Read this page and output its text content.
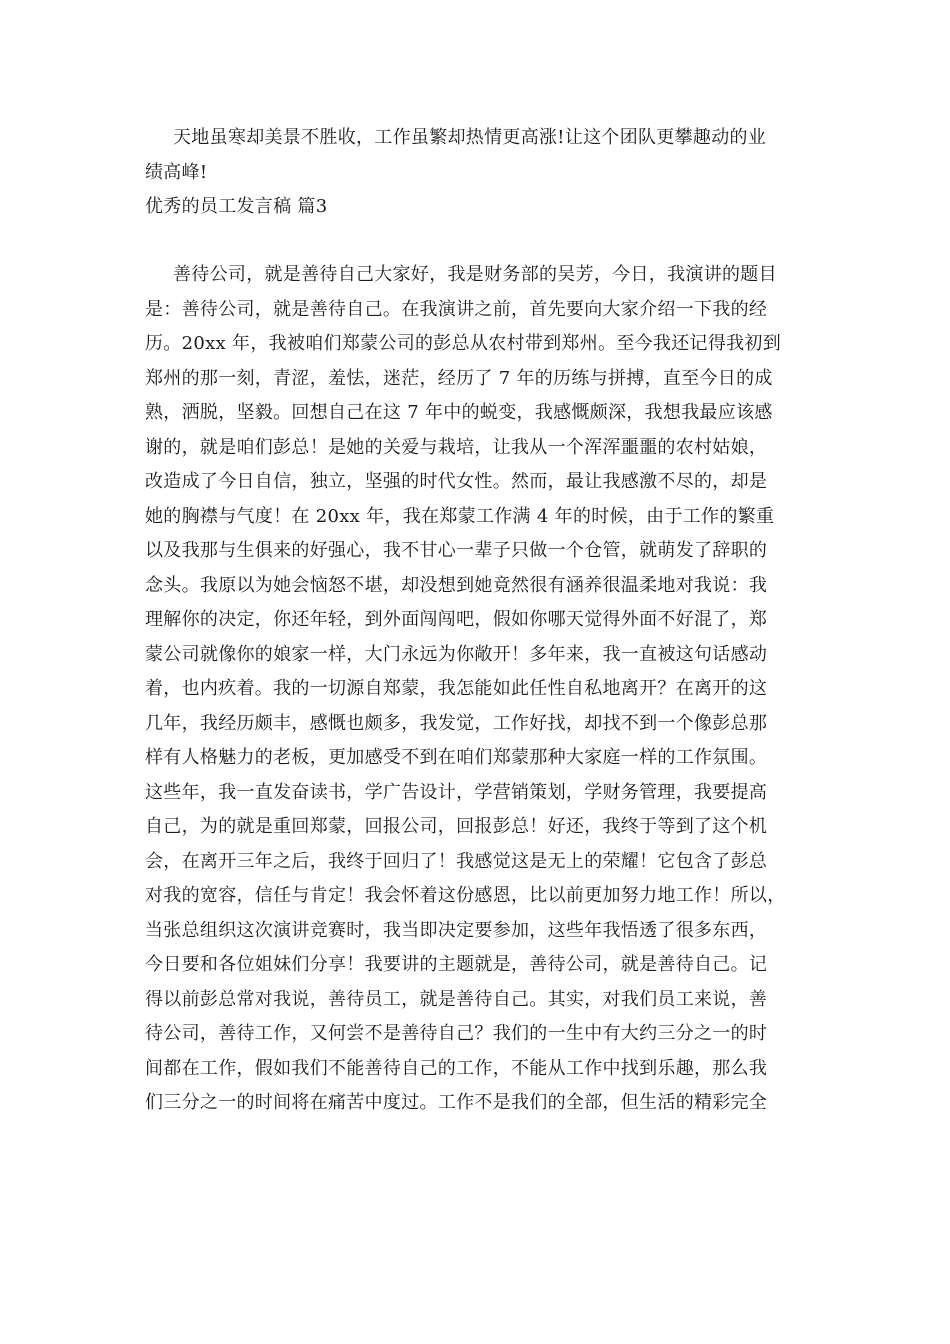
天地虽寒却美景不胜收，工作虽繁却热情更高涨!让这个团队更攀趣动的业
绩高峰!
优秀的员工发言稿 篇3
善待公司，就是善待自己大家好，我是财务部的吴芳，今日，我演讲的题目
是：善待公司，就是善待自己。在我演讲之前，首先要向大家介绍一下我的经
历。20xx 年，我被咱们郑蒙公司的彭总从农村带到郑州。至今我还记得我初到
郑州的那一刻，青涩，羞怯，迷茫，经历了 7 年的历练与拼搏，直至今日的成
熟，洒脱，坚毅。回想自己在这 7 年中的蜕变，我感慨颇深，我想我最应该感
谢的，就是咱们彭总！是她的关爱与栽培，让我从一个浑浑噩噩的农村姑娘，
改造成了今日自信，独立，坚强的时代女性。然而，最让我感激不尽的，却是
她的胸襟与气度！在 20xx 年，我在郑蒙工作满 4 年的时候，由于工作的繁重
以及我那与生俱来的好强心，我不甘心一辈子只做一个仓管，就萌发了辞职的
念头。我原以为她会恼怒不堪，却没想到她竟然很有涵养很温柔地对我说：我
理解你的决定，你还年轻，到外面闯闯吧，假如你哪天觉得外面不好混了，郑
蒙公司就像你的娘家一样，大门永远为你敞开！多年来，我一直被这句话感动
着，也内疚着。我的一切源自郑蒙，我怎能如此任性自私地离开？在离开的这
几年，我经历颇丰，感慨也颇多，我发觉，工作好找，却找不到一个像彭总那
样有人格魅力的老板，更加感受不到在咱们郑蒙那种大家庭一样的工作氛围。
这些年，我一直发奋读书，学广告设计，学营销策划，学财务管理，我要提高
自己，为的就是重回郑蒙，回报公司，回报彭总！好还，我终于等到了这个机
会，在离开三年之后，我终于回归了！我感觉这是无上的荣耀！它包含了彭总
对我的宽容，信任与肯定！我会怀着这份感恩，比以前更加努力地工作！所以，
当张总组织这次演讲竞赛时，我当即决定要参加，这些年我悟透了很多东西，
今日要和各位姐妹们分享！我要讲的主题就是，善待公司，就是善待自己。记
得以前彭总常对我说，善待员工，就是善待自己。其实，对我们员工来说，善
待公司，善待工作，又何尝不是善待自己？我们的一生中有大约三分之一的时
间都在工作，假如我们不能善待自己的工作，不能从工作中找到乐趣，那么我
们三分之一的时间将在痛苦中度过。工作不是我们的全部，但生活的精彩完全
